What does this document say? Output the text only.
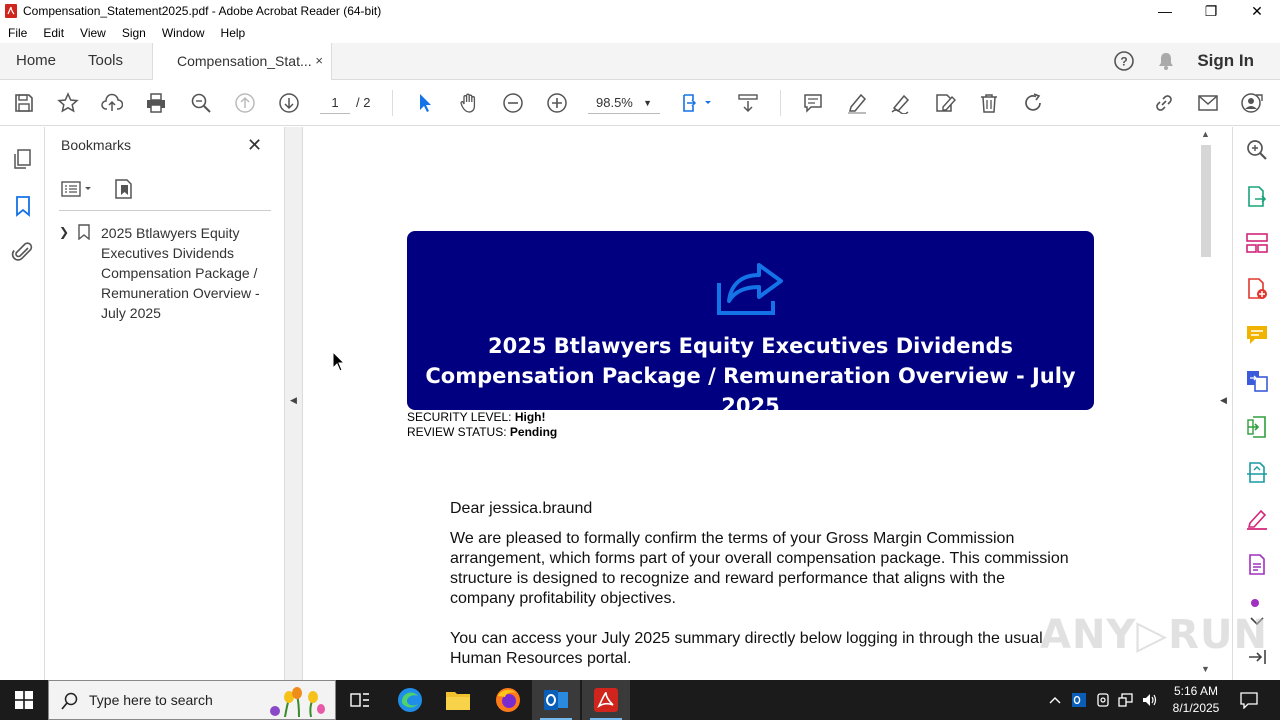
Compensation_Statement2025.pdf - Adobe Acrobat Reader (64-bit)	—	❐	✕
File	Edit	View	Sign	Window	Help
Home Tools	Compensation_Stat... ×	?	Sign In
1	/ 2	98.5% ▼
Bookmarks	✕
❯ 2025 Btlawyers Equity Executives Dividends Compensation Package / Remuneration Overview - July 2025
◀
2025 Btlawyers Equity Executives Dividends Compensation Package / Remuneration Overview - July 2025
SECURITY LEVEL: High!
REVIEW STATUS: Pending

Dear jessica.braund

We are pleased to formally confirm the terms of your Gross Margin Commission arrangement, which forms part of your overall compensation package. This commission structure is designed to recognize and reward performance that aligns with the company profitability objectives.

You can access your July 2025 summary directly below logging in through the usual Human Resources portal.

▲
▼
◀
ANY▷RUN
Type here to search
5:16 AM
8/1/2025
